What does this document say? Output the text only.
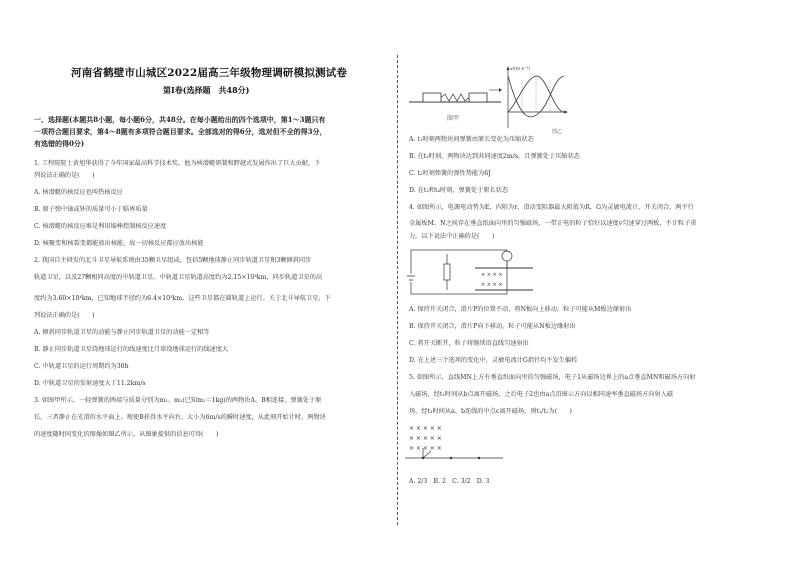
河南省鹤壁市山城区2022届高三年级物理调研模拟测试卷
第Ⅰ卷(选择题　共48分)
一、选择题(本题共8小题，每小题6分，共48分。在每小题给出的四个选项中，第1～3题只有
一项符合题目要求，第4～8题有多项符合题目要求。全部选对的得6分，选对但不全的得3分，
有选错的得0分)
1. 工程院院士黄旭华获得了今年国家最高科学技术奖，他为核潜艇研制和跨越式发展作出了巨大贡献，下
列说法正确的是(　　)
A. 核潜艇的核反应也叫热核反应
B. 原子弹中铀或钚的质量可小于临界质量
C. 核潜艇的核反应堆是利用镉棒控制核反应速度
D. 核聚变和核裂变都能放出核能，故一切核反应都应放出核能
2. 我国自主研发的北斗卫星导航系统由35颗卫星组成，包括5颗地球静止同步轨道卫星和3颗倾斜同步
轨道卫星，以及27颗相同高度的中轨道卫星。中轨道卫星轨道高度约为2.15×10⁴km，同步轨道卫星的高
度约为3.60×10⁴km，已知地球半径约为6.4×10³km，这些卫星都在圆轨道上运行。关于北斗导航卫星，下
列说法正确的是(　　)
A. 倾斜同步轨道卫星的动能与静止同步轨道卫星的动能一定相等
B. 静止同步轨道卫星绕地球运行的线速度比月球绕地球运行的线速度大
C. 中轨道卫星的运行周期约为30h
D. 中轨道卫星的发射速度大于11.2km/s
3. 如图甲所示，一轻弹簧的两端与质量分别为m₁、m₂(已知m₂＝1kg)的两物块A、B相连接，弹簧处于原
长，三者静止在光滑的水平面上。现使B获得水平向右、大小为6m/s的瞬时速度，从此刻开始计时，两物块
的速度随时间变化的图像如图乙所示，从图象提供的信息可得(　　)
图甲
v/(m·s⁻¹)
图乙
A. t₁时刻两物块间弹簧由原长变化为压缩状态
B. 在t₃时刻，两物块达到共同速度2m/s，且弹簧处于压缩状态
C. t₂时刻弹簧的弹性势能为6J
D. 在t₃和t₄时刻，弹簧处于原长状态
4. 如图所示，电源电动势为E，内阻为r，滑动变阻器最大阻值为R，G为灵敏电流计，开关闭合，两平行
金属板M、N之间存在垂直纸面向里的匀强磁场，一带正电的粒子恰好以速度v匀速穿过两板，不计粒子重
力。以下说法中正确的是(　　)
× × × ×
× × × ×
A. 保持开关闭合，滑片P的位置不动，将N板向上移动，粒子可能从M板边缘射出
B. 保持开关闭合，滑片P向下移动，粒子可能从N板边缘射出
C. 将开关断开，粒子将继续沿直线匀速射出
D. 在上述三个选项的变化中，灵敏电流计G指针均不发生偏转
5. 如图所示，直线MN上方有垂直纸面向里的匀强磁场，电子1从磁场边界上的a点垂直MN和磁场方向射
入磁场，经t₁时间从b点离开磁场。之后电子2也由a点沿图示方向以相同速率垂直磁场方向射入磁
场，经t₂时间从a、b连线的中点c离开磁场，则t₁/t₂为(　　)
× × × × ×
× × × × ×
× × × × ×
A. 2/3　B. 2　C. 3/2　D. 3
